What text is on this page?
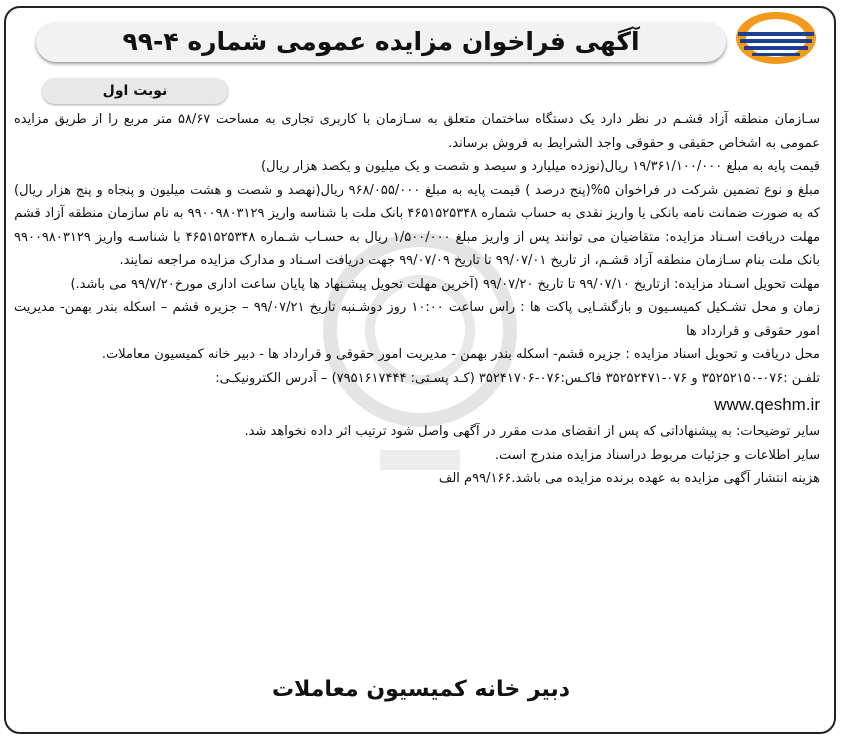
آگهی فراخوان مزایده عمومی شماره ۴-۹۹
نوبت اول

سـازمان منطقه آزاد قشـم در نظر دارد یک دستگاه ساختمان متعلق به سـازمان با کاربری تجاری به مساحت ۵۸/۶۷ متر مربع را از طریق مزایده عمومی به اشخاص حقیقی و حقوقی واجد الشرایط به فروش برساند.

قیمت پایه به مبلغ ۱۹/۳۶۱/۱۰۰/۰۰۰ ریال(نوزده میلیارد و سیصد و شصت و یک میلیون و یکصد هزار ریال)

مبلغ و نوع تضمین شرکت در فراخوان ۵%(پنج درصد ) قیمت پایه به مبلغ ۹۶۸/۰۵۵/۰۰۰ ریال(نهصد و شصت و هشت میلیون و پنجاه و پنج هزار ریال) که به صورت ضمانت نامه بانکی یا واریز نقدی به حساب شماره ۴۶۵۱۵۲۵۳۴۸ بانک ملت با شناسه واریز ۹۹۰۰۹۸۰۳۱۲۹ به نام سازمان منطقه آزاد قشم

مهلت دریافت اسـناد مزایده: متقاضیان می توانند پس از واریز مبلغ ۱/۵۰۰/۰۰۰ ریال به حسـاب شـماره ۴۶۵۱۵۲۵۳۴۸ با شناسـه واریز ۹۹۰۰۹۸۰۳۱۲۹ بانک ملت بنام سـازمان منطقه آزاد قشـم، از تاریخ ۹۹/۰۷/۰۱ تا تاریخ ۹۹/۰۷/۰۹ جهت دریافت اسـناد و مدارک مزایده مراجعه نمایند.

مهلت تحویل اسـناد مزایده: ازتاریخ ۹۹/۰۷/۱۰ تا تاریخ ۹۹/۰۷/۲۰ (آخرین مهلت تحویل پیشـنهاد ها پایان ساعت اداری مورخ۹۹/۷/۲۰ می باشد.)

زمان و محل تشـکیل کمیسـیون و بازگشـایی پاکت ها : راس ساعت ۱۰:۰۰ روز دوشـنبه تاریخ ۹۹/۰۷/۲۱ – جزیره قشم – اسکله بندر بهمن- مدیریت امور حقوقی و قرارداد ها

محل دریافت و تحویل اسناد مزایده : جزیره قشم- اسکله بندر بهمن - مدیریت امور حقوقی و قرارداد ها - دبیر خانه کمیسیون معاملات.

تلفـن :۰۷۶-۳۵۲۵۲۱۵۰ و ۰۷۶-۳۵۲۵۲۴۷۱ فاکـس:۰۷۶-۳۵۲۴۱۷۰۶ (کـد پسـتی: ۷۹۵۱۶۱۷۴۴۴) – آدرس الکترونیکـی:

www.qeshm.ir

سایر توضیحات: به پیشنهاداتی که پس از انقضای مدت مقرر در آگهی واصل شود ترتیب اثر داده نخواهد شد.

سایر اطلاعات و جزئیات مربوط دراسناد مزایده مندرج است.

هزینه انتشار آگهی مزایده به عهده برنده مزایده می باشد.۹۹/۱۶۶م الف

دبیر خانه کمیسیون معاملات
